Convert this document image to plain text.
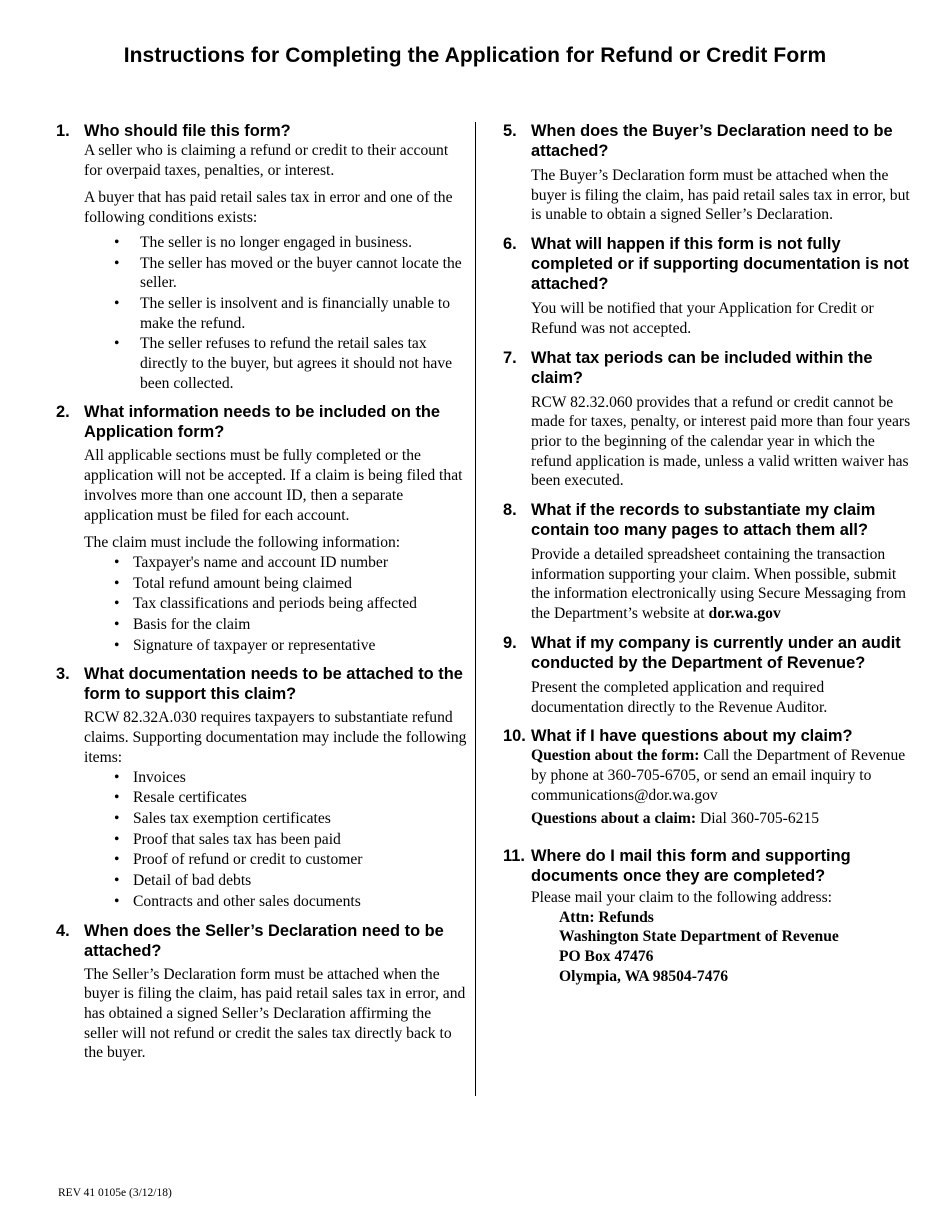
Instructions for Completing the Application for Refund or Credit Form
1. Who should file this form?

A seller who is claiming a refund or credit to their account for overpaid taxes, penalties, or interest.

A buyer that has paid retail sales tax in error and one of the following conditions exists:

• The seller is no longer engaged in business.
• The seller has moved or the buyer cannot locate the seller.
• The seller is insolvent and is financially unable to make the refund.
• The seller refuses to refund the retail sales tax directly to the buyer, but agrees it should not have been collected.
2. What information needs to be included on the Application form?

All applicable sections must be fully completed or the application will not be accepted. If a claim is being filed that involves more than one account ID, then a separate application must be filed for each account.

The claim must include the following information:

• Taxpayer's name and account ID number
• Total refund amount being claimed
• Tax classifications and periods being affected
• Basis for the claim
• Signature of taxpayer or representative
3. What documentation needs to be attached to the form to support this claim?

RCW 82.32A.030 requires taxpayers to substantiate refund claims. Supporting documentation may include the following items:

• Invoices
• Resale certificates
• Sales tax exemption certificates
• Proof that sales tax has been paid
• Proof of refund or credit to customer
• Detail of bad debts
• Contracts and other sales documents
4. When does the Seller’s Declaration need to be attached?

The Seller’s Declaration form must be attached when the buyer is filing the claim, has paid retail sales tax in error, and has obtained a signed Seller’s Declaration affirming the seller will not refund or credit the sales tax directly back to the buyer.

5. When does the Buyer’s Declaration need to be attached?

The Buyer’s Declaration form must be attached when the buyer is filing the claim, has paid retail sales tax in error, but is unable to obtain a signed Seller’s Declaration.

6. What will happen if this form is not fully completed or if supporting documentation is not attached?

You will be notified that your Application for Credit or Refund was not accepted.

7. What tax periods can be included within the claim?

RCW 82.32.060 provides that a refund or credit cannot be made for taxes, penalty, or interest paid more than four years prior to the beginning of the calendar year in which the refund application is made, unless a valid written waiver has been executed.

8. What if the records to substantiate my claim contain too many pages to attach them all?

Provide a detailed spreadsheet containing the transaction information supporting your claim. When possible, submit the information electronically using Secure Messaging from the Department’s website at dor.wa.gov

9. What if my company is currently under an audit conducted by the Department of Revenue?

Present the completed application and required documentation directly to the Revenue Auditor.

10. What if I have questions about my claim?

Question about the form: Call the Department of Revenue by phone at 360-705-6705, or send an email inquiry to communications@dor.wa.gov

Questions about a claim: Dial 360-705-6215

11. Where do I mail this form and supporting documents once they are completed?

Please mail your claim to the following address:

Attn: Refunds
Washington State Department of Revenue
PO Box 47476
Olympia, WA 98504-7476
REV 41 0105e (3/12/18)
